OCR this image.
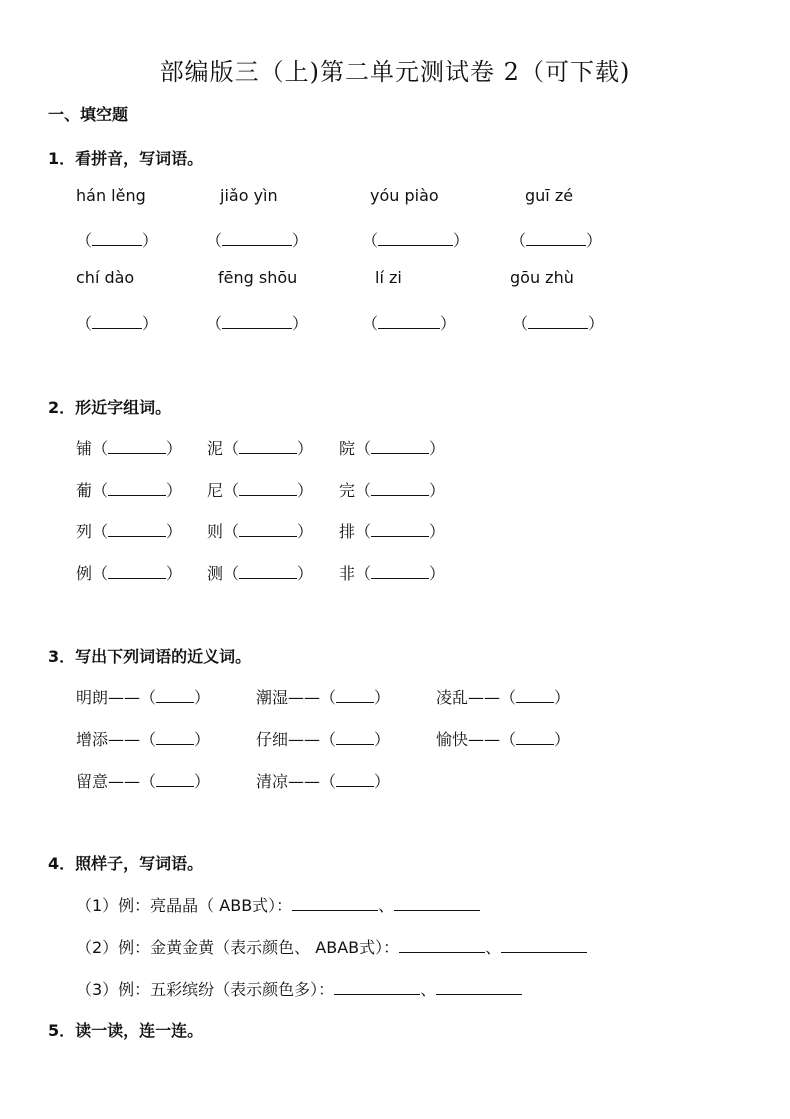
部编版三（上)第二单元测试卷 2（可下载)
一、填空题
1．看拼音，写词语。
hán lěng	jiǎo yìn	yóu piào	guī zé
（	）	（	）	（	）	（	）
chí dào	fēng shōu	lí zi	gōu zhù
（	）	（	）	（	）	（	）
2．形近字组词。
铺（	） 泥（	） 院（	）
葡（	） 尼（	） 完（	）
列（	） 则（	） 排（	）
例（	） 测（	） 非（	）
3．写出下列词语的近义词。
明朗——（ ）	潮湿——（ ）	凌乱——（ ）
增添——（ ）	仔细——（ ）	愉快——（ ）
留意——（ ）	清凉——（ ）
4．照样子，写词语。
（1）例：亮晶晶（ ABB式）：	、
（2）例：金黄金黄（表示颜色、 ABAB式）：	、
（3）例：五彩缤纷（表示颜色多）：	、
5．读一读，连一连。
